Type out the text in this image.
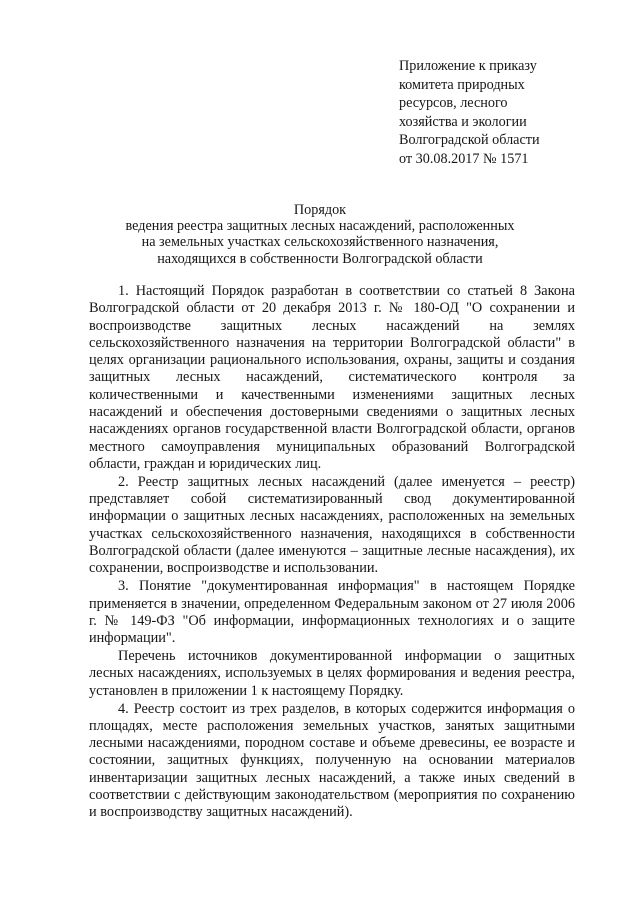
Приложение к приказу
комитета природных
ресурсов, лесного
хозяйства и экологии
Волгоградской области
от 30.08.2017 № 1571
Порядок
ведения реестра защитных лесных насаждений, расположенных
на земельных участках сельскохозяйственного назначения,
находящихся в собственности Волгоградской области

1. Настоящий Порядок разработан в соответствии со статьей 8 Закона Волгоградской области от 20 декабря 2013 г. № 180-ОД "О сохранении и воспроизводстве защитных лесных насаждений на землях сельскохозяйственного назначения на территории Волгоградской области" в целях организации рационального использования, охраны, защиты и создания защитных лесных насаждений, систематического контроля за количественными и качественными изменениями защитных лесных насаждений и обеспечения достоверными сведениями о защитных лесных насаждениях органов государственной власти Волгоградской области, органов местного самоуправления муниципальных образований Волгоградской области, граждан и юридических лиц.

2. Реестр защитных лесных насаждений (далее именуется – реестр) представляет собой систематизированный свод документированной информации о защитных лесных насаждениях, расположенных на земельных участках сельскохозяйственного назначения, находящихся в собственности Волгоградской области (далее именуются – защитные лесные насаждения), их сохранении, воспроизводстве и использовании.

3. Понятие "документированная информация" в настоящем Порядке применяется в значении, определенном Федеральным законом от 27 июля 2006 г. № 149-ФЗ "Об информации, информационных технологиях и о защите информации".

Перечень источников документированной информации о защитных лесных насаждениях, используемых в целях формирования и ведения реестра, установлен в приложении 1 к настоящему Порядку.

4. Реестр состоит из трех разделов, в которых содержится информация о площадях, месте расположения земельных участков, занятых защитными лесными насаждениями, породном составе и объеме древесины, ее возрасте и состоянии, защитных функциях, полученную на основании материалов инвентаризации защитных лесных насаждений, а также иных сведений в соответствии с действующим законодательством (мероприятия по сохранению и воспроизводству защитных насаждений).
